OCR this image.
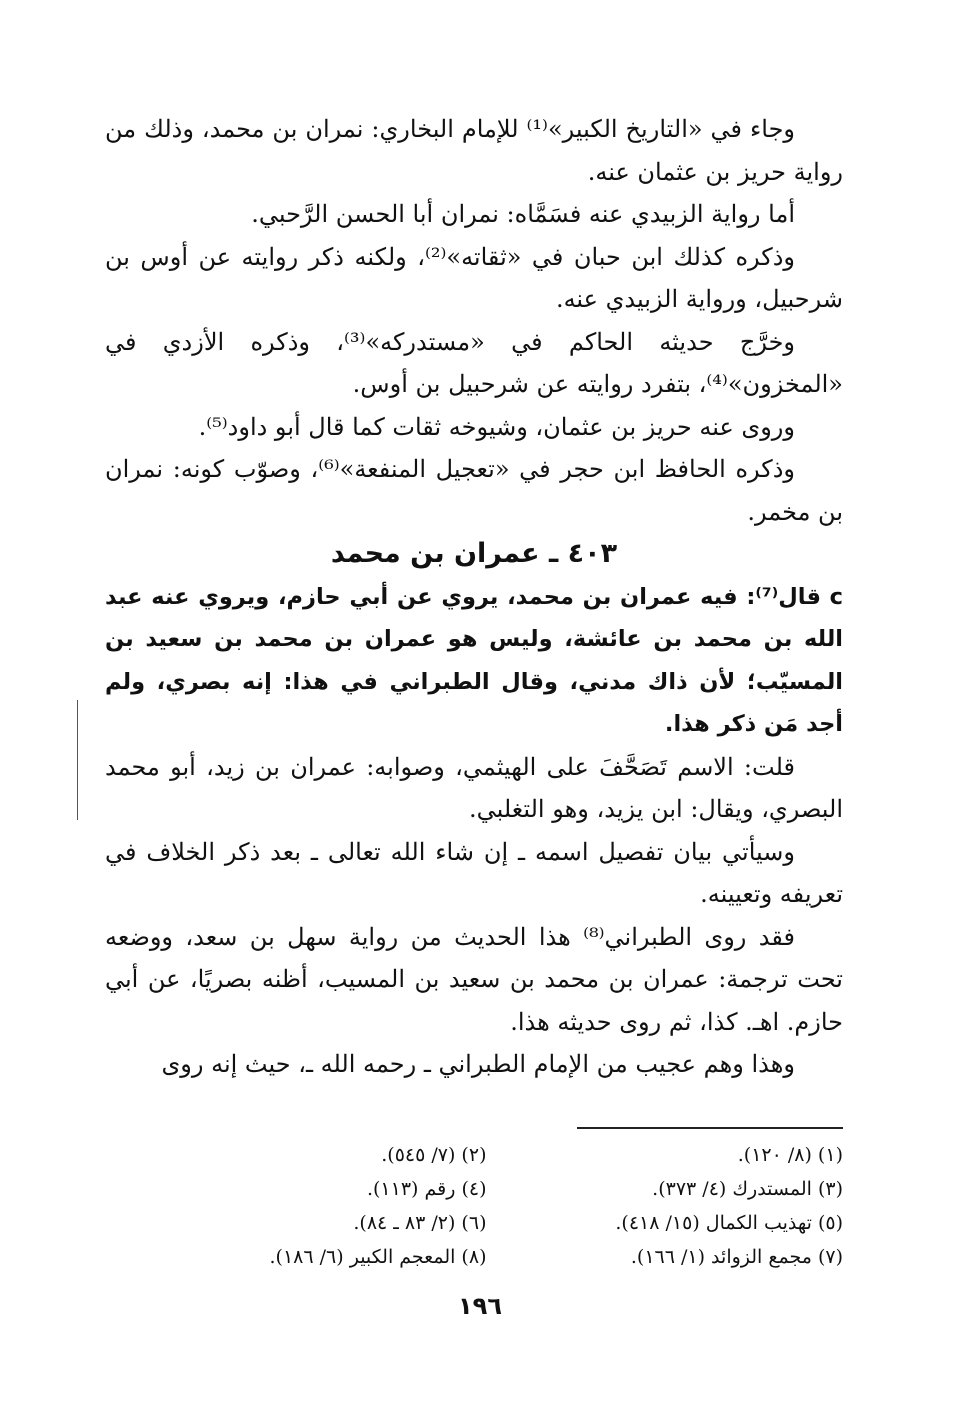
وجاء في «التاريخ الكبير»⁽¹⁾ للإمام البخاري: نمران بن محمد، وذلك من رواية حريز بن عثمان عنه.

أما رواية الزبيدي عنه فسَمَّاه: نمران أبا الحسن الرَّحبي.

وذكره كذلك ابن حبان في «ثقاته»⁽²⁾، ولكنه ذكر روايته عن أوس بن شرحبيل، ورواية الزبيدي عنه.

وخرَّج حديثه الحاكم في «مستدركه»⁽³⁾، وذكره الأزدي في «المخزون»⁽⁴⁾، بتفرد روايته عن شرحبيل بن أوس.

وروى عنه حريز بن عثمان، وشيوخه ثقات كما قال أبو داود⁽⁵⁾.

وذكره الحافظ ابن حجر في «تعجيل المنفعة»⁽⁶⁾، وصوّب كونه: نمران بن مخمر.

٤٠٣ ـ عمران بن محمد

c قال⁽⁷⁾: فيه عمران بن محمد، يروي عن أبي حازم، ويروي عنه عبد الله بن محمد بن عائشة، وليس هو عمران بن محمد بن سعيد بن المسيّب؛ لأن ذاك مدني، وقال الطبراني في هذا: إنه بصري، ولم أجد مَن ذكر هذا.

قلت: الاسم تَصَحَّفَ على الهيثمي، وصوابه: عمران بن زيد، أبو محمد البصري، ويقال: ابن يزيد، وهو التغلبي.

وسيأتي بيان تفصيل اسمه ـ إن شاء الله تعالى ـ بعد ذكر الخلاف في تعريفه وتعيينه.

فقد روى الطبراني⁽⁸⁾ هذا الحديث من رواية سهل بن سعد، ووضعه تحت ترجمة: عمران بن محمد بن سعيد بن المسيب، أظنه بصريًا، عن أبي حازم. اهـ. كذا، ثم روى حديثه هذا.

وهذا وهم عجيب من الإمام الطبراني ـ رحمه الله ـ، حيث إنه روى

(١) (٨/ ١٢٠).
(٢) (٧/ ٥٤٥).
(٣) المستدرك (٤/ ٣٧٣).
(٤) رقم (١١٣).
(٥) تهذيب الكمال (١٥/ ٤١٨).
(٦) (٢/ ٨٣ ـ ٨٤).
(٧) مجمع الزوائد (١/ ١٦٦).
(٨) المعجم الكبير (٦/ ١٨٦).
١٩٦
